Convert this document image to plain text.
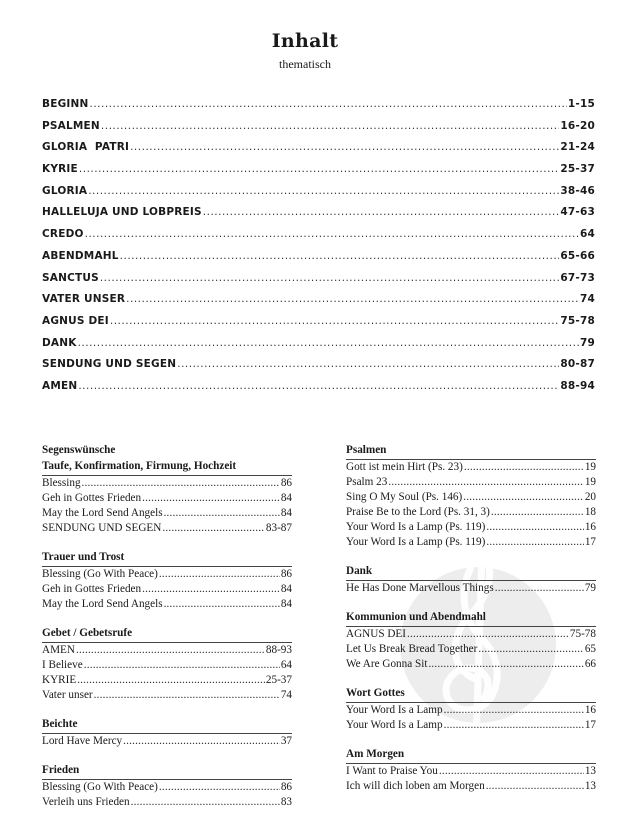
Inhalt
thematisch
BEGINN .....	1-15
PSALMEN .....	16-20
GLORIA  PATRI .....	21-24
KYRIE .....	25-37
GLORIA .....	38-46
HALLELUJA UND LOBPREIS .....	47-63
CREDO .....	64
ABENDMAHL .....	65-66
SANCTUS .....	67-73
VATER UNSER .....	74
AGNUS DEI .....	75-78
DANK .....	79
SENDUNG UND SEGEN .....	80-87
AMEN .....	88-94
Segenswünsche
Taufe, Konfirmation, Firmung, Hochzeit
Blessing .....	86
Geh in Gottes Frieden .....	84
May the Lord Send Angels .....	84
SENDUNG UND SEGEN .....	83-87
Trauer und Trost
Blessing (Go With Peace) .....	86
Geh in Gottes Frieden .....	84
May the Lord Send Angels .....	84
Gebet / Gebetsrufe
AMEN .....	88-93
I Believe .....	64
KYRIE .....	25-37
Vater unser .....	74
Beichte
Lord Have Mercy .....	37
Frieden
Blessing (Go With Peace) .....	86
Verleih uns Frieden .....	83
Psalmen
Gott ist mein Hirt (Ps. 23) .....	19
Psalm 23 .....	19
Sing O My Soul (Ps. 146) .....	20
Praise Be to the Lord (Ps. 31, 3) .....	18
Your Word Is a Lamp (Ps. 119) .....	16
Your Word Is a Lamp (Ps. 119) .....	17
Dank
He Has Done Marvellous Things .....	79
Kommunion und Abendmahl
AGNUS DEI .....	75-78
Let Us Break Bread Together .....	65
We Are Gonna Sit .....	66
Wort Gottes
Your Word Is a Lamp .....	16
Your Word Is a Lamp .....	17
Am Morgen
I Want to Praise You .....	13
Ich will dich loben am Morgen .....	13
